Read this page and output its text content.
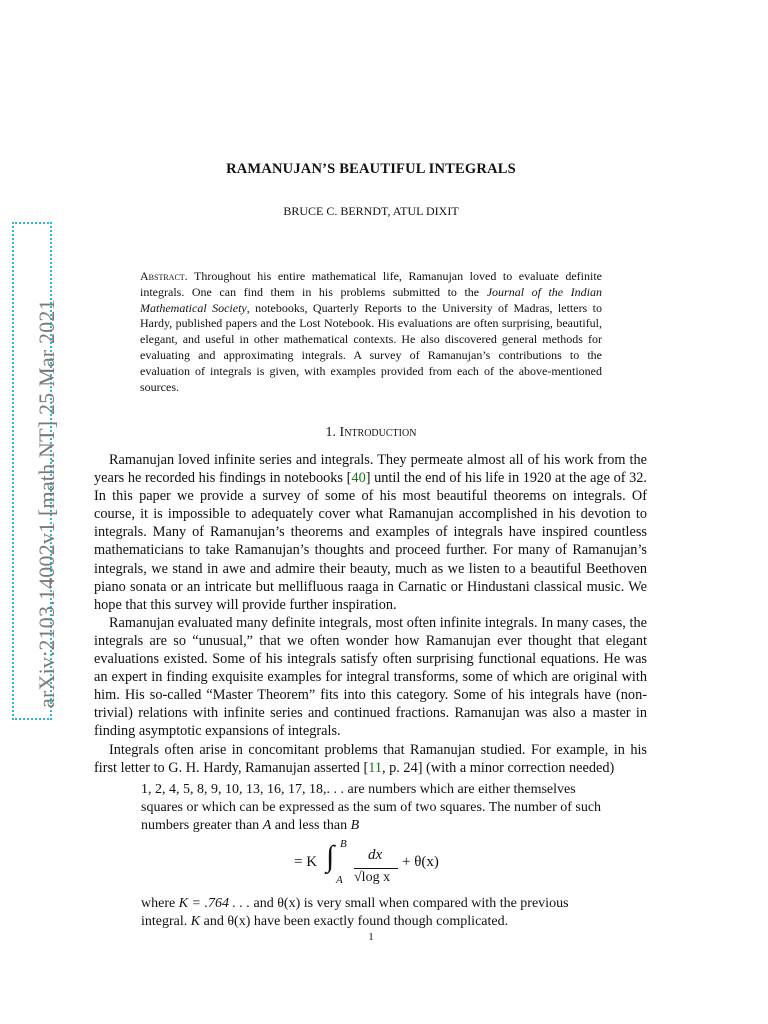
arXiv:2103.14002v1 [math.NT] 25 Mar 2021
RAMANUJAN’S BEAUTIFUL INTEGRALS
BRUCE C. BERNDT, ATUL DIXIT
Abstract. Throughout his entire mathematical life, Ramanujan loved to evaluate definite integrals. One can find them in his problems submitted to the Journal of the Indian Mathematical Society, notebooks, Quarterly Reports to the University of Madras, letters to Hardy, published papers and the Lost Notebook. His evaluations are often surprising, beautiful, elegant, and useful in other mathematical contexts. He also discovered general methods for evaluating and approximating integrals. A survey of Ramanujan’s contributions to the evaluation of integrals is given, with examples provided from each of the above-mentioned sources.
1. Introduction

Ramanujan loved infinite series and integrals. They permeate almost all of his work from the years he recorded his findings in notebooks [40] until the end of his life in 1920 at the age of 32. In this paper we provide a survey of some of his most beautiful theorems on integrals. Of course, it is impossible to adequately cover what Ramanujan accomplished in his devotion to integrals. Many of Ramanujan’s theorems and examples of integrals have inspired countless mathematicians to take Ramanujan’s thoughts and proceed further. For many of Ramanujan’s integrals, we stand in awe and admire their beauty, much as we listen to a beautiful Beethoven piano sonata or an intricate but mellifluous raaga in Carnatic or Hindustani classical music. We hope that this survey will provide further inspiration.

Ramanujan evaluated many definite integrals, most often infinite integrals. In many cases, the integrals are so “unusual,” that we often wonder how Ramanujan ever thought that elegant evaluations existed. Some of his integrals satisfy often surprising functional equations. He was an expert in finding exquisite examples for integral transforms, some of which are original with him. His so-called “Master Theorem” fits into this category. Some of his integrals have (non-trivial) relations with infinite series and continued fractions. Ramanujan was also a master in finding asymptotic expansions of integrals.

Integrals often arise in concomitant problems that Ramanujan studied. For example, in his first letter to G. H. Hardy, Ramanujan asserted [11, p. 24] (with a minor correction needed)

1, 2, 4, 5, 8, 9, 10, 13, 16, 17, 18,. . . are numbers which are either themselves squares or which can be expressed as the sum of two squares. The number of such numbers greater than A and less than B
= K ∫ B
A
dx
√log x
+ θ(x)
where K = .764 . . . and θ(x) is very small when compared with the previous integral. K and θ(x) have been exactly found though complicated.
1
